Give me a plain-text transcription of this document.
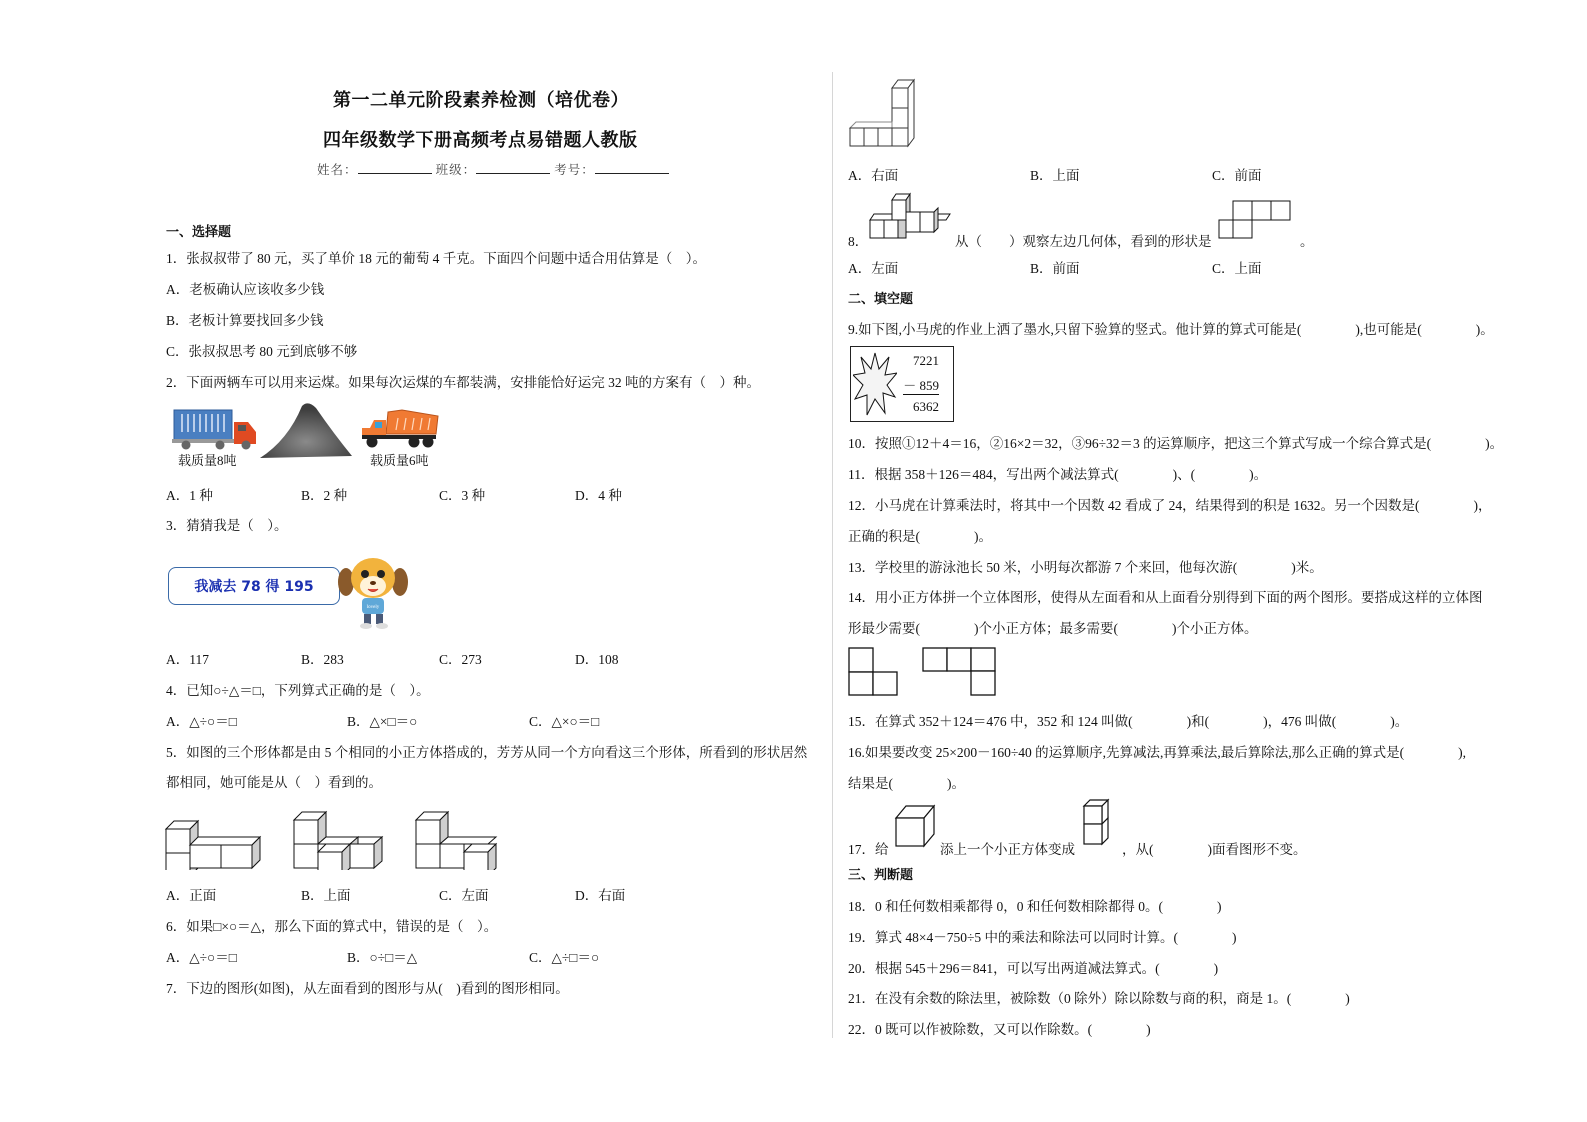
第一二单元阶段素养检测（培优卷）
四年级数学下册高频考点易错题人教版
姓名：	班级：	考号：
一、选择题
1．张叔叔带了 80 元，买了单价 18 元的葡萄 4 千克。下面四个问题中适合用估算是（　）。
A．老板确认应该收多少钱
B．老板计算要找回多少钱
C．张叔叔思考 80 元到底够不够
2．下面两辆车可以用来运煤。如果每次运煤的车都装满，安排能恰好运完 32 吨的方案有（　）种。
载质量8吨	载质量6吨
A．1 种	B．2 种	C．3 种	D．4 种
3．猜猜我是（　）。
我减去 78 得 195
lovely
A．117	B．283	C．273	D．108
4．已知○÷△＝□，下列算式正确的是（　）。
A．△÷○＝□	B．△×□＝○	C．△×○＝□
5．如图的三个形体都是由 5 个相同的小正方体搭成的，芳芳从同一个方向看这三个形体，所看到的形状居然
都相同，她可能是从（　）看到的。
A．正面	B．上面	C．左面	D．右面
6．如果□×○＝△，那么下面的算式中，错误的是（　）。
A．△÷○＝□	B．○÷□＝△	C．△÷□＝○
7．下边的图形(如图)，从左面看到的图形与从(　)看到的图形相同。
A．右面	B．上面	C．前面
8．	从（　　）观察左边几何体，看到的形状是	。
A．左面	B．前面	C．上面
二、填空题
9.如下图,小马虎的作业上洒了墨水,只留下验算的竖式。他计算的算式可能是(　　　　),也可能是(　　　　)。
7221
－ 859
6362
10．按照①12＋4＝16，②16×2＝32，③96÷32＝3 的运算顺序，把这三个算式写成一个综合算式是(　　　　)。
11．根据 358＋126＝484，写出两个减法算式(　　　　)、(　　　　)。
12．小马虎在计算乘法时，将其中一个因数 42 看成了 24，结果得到的积是 1632。另一个因数是(　　　　)，
正确的积是(　　　　)。
13．学校里的游泳池长 50 米，小明每次都游 7 个来回，他每次游(　　　　)米。
14．用小正方体拼一个立体图形，使得从左面看和从上面看分别得到下面的两个图形。要搭成这样的立体图
形最少需要(　　　　)个小正方体；最多需要(　　　　)个小正方体。
15．在算式 352＋124＝476 中，352 和 124 叫做(　　　　)和(　　　　)，476 叫做(　　　　)。
16.如果要改变 25×200－160÷40 的运算顺序,先算减法,再算乘法,最后算除法,那么正确的算式是(　　　　),
结果是(　　　　)。
17．给	添上一个小正方体变成	，从(　　　　)面看图形不变。
三、判断题
18．0 和任何数相乘都得 0，0 和任何数相除都得 0。(　　　　)
19．算式 48×4－750÷5 中的乘法和除法可以同时计算。(　　　　)
20．根据 545＋296＝841，可以写出两道减法算式。(　　　　)
21．在没有余数的除法里，被除数（0 除外）除以除数与商的积，商是 1。(　　　　)
22．0 既可以作被除数，又可以作除数。(　　　　)
